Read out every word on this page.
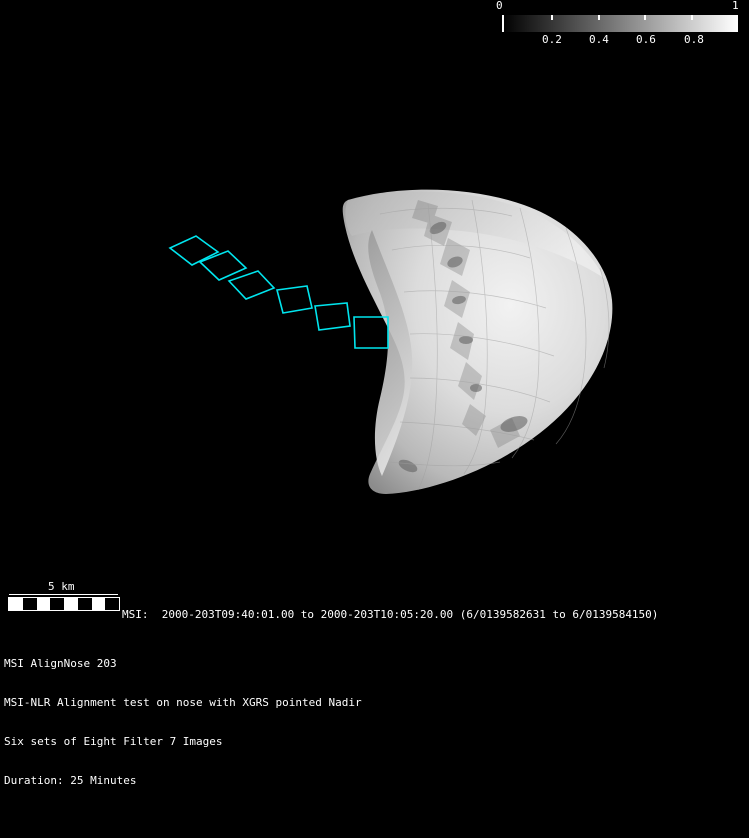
0	1
0.2 0.4 0.6	0.8
5 km
MSI:  2000-203T09:40:01.00 to 2000-203T10:05:20.00 (6/0139582631 to 6/0139584150)

MSI AlignNose 203

MSI-NLR Alignment test on nose with XGRS pointed Nadir

Six sets of Eight Filter 7 Images

Duration: 25 Minutes
